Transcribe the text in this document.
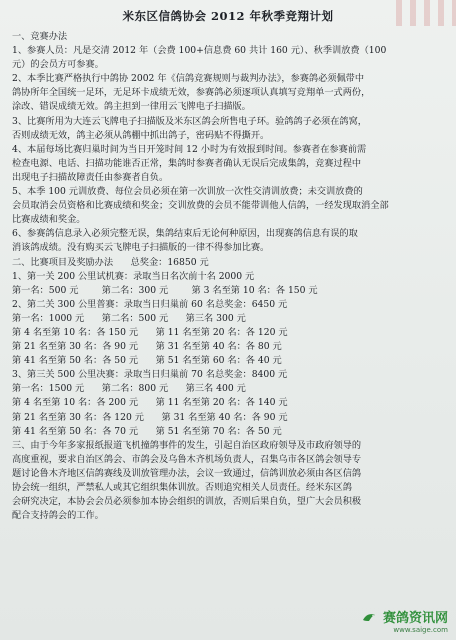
米东区信鸽协会 2012 年秋季竞翔计划
一、竞赛办法
1、参赛人员：凡是交清 2012 年（会费 100+信息费 60 共计 160 元）、秋季训放费（100
元）的会员方可参赛。
2、本季比赛严格执行中鸽协 2002 年《信鸽竞赛规则与裁判办法》，参赛鸽必须佩带中
鸽协所年全国统一足环，无足环卡成绩无效，参赛鸽必须逐项认真填写竞翔单一式两份，
涂改、错误成绩无效。鸽主担到一律用云飞牌电子扫描版。
3、比赛所用为大连云飞牌电子扫描版及米东区鸽会所售电子环。验鸽鸽子必须在鸽窝，
否则成绩无效，鸽主必须从鸽棚中抓出鸽子，密码贴不得撕开。
4、本届每场比赛归巢时间为当日开笼时间 12 小时为有效报到时间。参赛者在参赛前需
检查电源、电话、扫描功能谁否正常，集鸽时参赛者确认无误后完成集鸽，竞赛过程中
出现电子扫描故障责任由参赛者自负。
5、本季 100 元训放费、每位会员必须在第一次训放一次性交清训放费；未交训放费的
会员取消会员资格和比赛成绩和奖金；交训放费的会员不能带训他人信鸽，一经发现取消全部
比赛成绩和奖金。
6、参赛鸽信息录入必须完整无误，集鸽结束后无论何种原因，出现赛鸽信息有误的取
消该鸽成绩。没有购买云飞牌电子扫描版的一律不得参加比赛。
二、比赛项目及奖励办法      总奖金：16850 元
1、第一关 200 公里试机赛：录取当日名次前十名 2000 元
第一名：500 元        第二名：300 元        第 3 名至第 10 名：各 150 元
2、第二关 300 公里普赛：录取当日归巢前 60 名总奖金：6450 元
第一名：1000 元      第二名：500 元      第三名 300 元
第 4 名至第 10 名：各 150 元      第 11 名至第 20 名：各 120 元
第 21 名至第 30 名：各 90 元      第 31 名至第 40 名：各 80 元
第 41 名至第 50 名：各 50 元      第 51 名至第 60 名：各 40 元
3、第三关 500 公里决赛：录取当日归巢前 70 名总奖金：8400 元
第一名：1500 元      第二名：800 元      第三名 400 元
第 4 名至第 10 名：各 200 元      第 11 名至第 20 名：各 140 元
第 21 名至第 30 名：各 120 元      第 31 名至第 40 名：各 90 元
第 41 名至第 50 名：各 70 元      第 51 名至第 70 名：各 50 元
三、由于今年多家报纸报道飞机撞鸽事件的发生，引起自治区政府领导及市政府领导的
高度重视，要求自治区鸽会、市鸽会及乌鲁木齐机场负责人，召集乌市各区鸽会领导专
题讨论鲁木齐地区信鸽赛线及训放管理办法，会议一致通过，信鸽训放必须由各区信鸽
协会统一组织，严禁私人或其它组织集体训放。否则追究相关人员责任。经米东区鸽
会研究决定，本协会会员必须参加本协会组织的训放，否则后果自负，望广大会员积极
配合支持鸽会的工作。
赛鸽资讯网
www.saige.com
